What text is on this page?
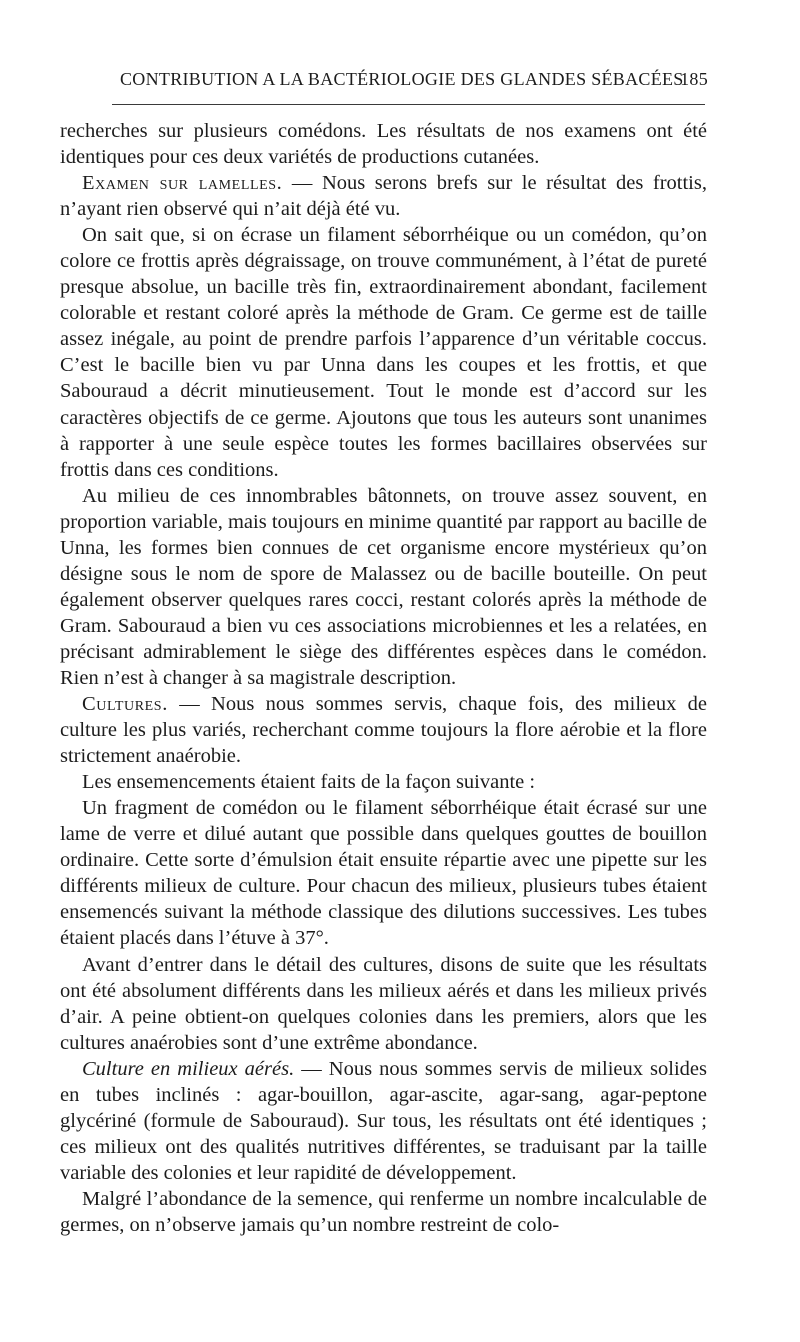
CONTRIBUTION A LA BACTÉRIOLOGIE DES GLANDES SÉBACÉES
185

recherches sur plusieurs comédons. Les résultats de nos examens ont été identiques pour ces deux variétés de productions cutanées.

Examen sur lamelles. — Nous serons brefs sur le résultat des frottis, n’ayant rien observé qui n’ait déjà été vu.

On sait que, si on écrase un filament séborrhéique ou un comédon, qu’on colore ce frottis après dégraissage, on trouve communément, à l’état de pureté presque absolue, un bacille très fin, extraordinairement abondant, facilement colorable et restant coloré après la méthode de Gram. Ce germe est de taille assez inégale, au point de prendre parfois l’apparence d’un véritable coccus. C’est le bacille bien vu par Unna dans les coupes et les frottis, et que Sabouraud a décrit minutieusement. Tout le monde est d’accord sur les caractères objectifs de ce germe. Ajoutons que tous les auteurs sont unanimes à rapporter à une seule espèce toutes les formes bacillaires observées sur frottis dans ces conditions.

Au milieu de ces innombrables bâtonnets, on trouve assez souvent, en proportion variable, mais toujours en minime quantité par rapport au bacille de Unna, les formes bien connues de cet organisme encore mystérieux qu’on désigne sous le nom de spore de Malassez ou de bacille bouteille. On peut également observer quelques rares cocci, restant colorés après la méthode de Gram. Sabouraud a bien vu ces associations microbiennes et les a relatées, en précisant admirablement le siège des différentes espèces dans le comédon. Rien n’est à changer à sa magistrale description.

Cultures. — Nous nous sommes servis, chaque fois, des milieux de culture les plus variés, recherchant comme toujours la flore aérobie et la flore strictement anaérobie.

Les ensemencements étaient faits de la façon suivante :

Un fragment de comédon ou le filament séborrhéique était écrasé sur une lame de verre et dilué autant que possible dans quelques gouttes de bouillon ordinaire. Cette sorte d’émulsion était ensuite répartie avec une pipette sur les différents milieux de culture. Pour chacun des milieux, plusieurs tubes étaient ensemencés suivant la méthode classique des dilutions successives. Les tubes étaient placés dans l’étuve à 37°.

Avant d’entrer dans le détail des cultures, disons de suite que les résultats ont été absolument différents dans les milieux aérés et dans les milieux privés d’air. A peine obtient-on quelques colonies dans les premiers, alors que les cultures anaérobies sont d’une extrême abondance.

Culture en milieux aérés. — Nous nous sommes servis de milieux solides en tubes inclinés : agar-bouillon, agar-ascite, agar-sang, agar-peptone glycériné (formule de Sabouraud). Sur tous, les résultats ont été identiques ; ces milieux ont des qualités nutritives différentes, se traduisant par la taille variable des colonies et leur rapidité de développement.

Malgré l’abondance de la semence, qui renferme un nombre incalculable de germes, on n’observe jamais qu’un nombre restreint de colo-
